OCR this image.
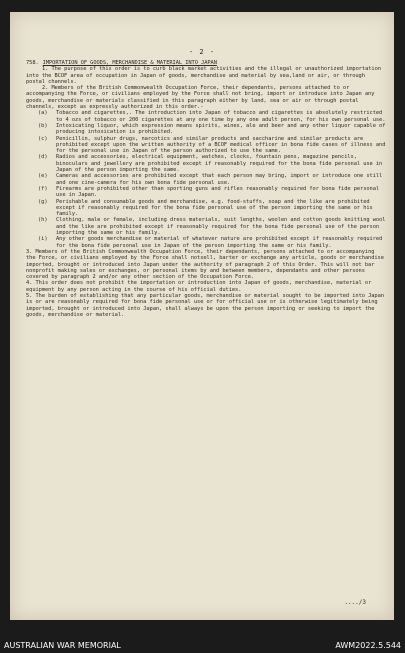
- 2 -

758. IMPORTATION OF GOODS, MERCHANDISE & MATERIAL INTO JAPAN

1. The purpose of this order is to curb black market activities and the illegal or unauthorized importation into the BCOF area of occupation in Japan of goods, merchandise and material by sea,land or air, or through postal channels.

2. Members of the British Commonwealth Occupation Force, their dependants, persons attached to or accompanying the Force, or civilians employed by the Force shall not bring, import or introduce into Japan any goods, merchandise or materials classified in this paragraph either by land, sea or air or through postal channels, except as expressly authorized in this order.-

(a)	Tobacco and cigarettes,. The introduction into Japan of tobacco and cigarettes is absolutely restricted to 4 ozs of tobacco or 200 cigarettes at any one time by any one adult person, for his own personal use.
(b)	Intoxicating liquor, which expression means spirits, wines, ale and beer and any other liquor capable of producing intoxication is prohibited.
(c)	Penicillin, sulphur drugs, narcotics and similar products and saccharine and similar products are prohibited except upon the written authority of a BCOF medical officer in bona fide cases of illness and for the personal use in Japan of the person authorized to use the same.
(d)	Radios and accessories, electrical equipment, watches, clocks, fountain pens, magazine pencils, binoculars and jewellery are prohibited except if reasonably required for the bona fide personal use in Japan of the person importing the same.
(e)	Cameras and accessories are prohibited except that each person may bring, import or introduce one still and one cine-camera for his own bona fide personal use.
(f)	Firearms are prohibited other than sporting guns and rifles reasonably required for bona fide personal use in Japan.
(g)	Perishable and consumable goods and merchandise, e.g. food-stuffs, soap and the like are prohibited except if reasonably required for the bona fide personal use of the person importing the same or his family.
(h)	Clothing, male or female, including dress materials, suit lengths, woolen and cotton goods knitting wool and the like are prohibited except if reasonably required for the bona fide personal use of the person importing the same or his family.
(i)	Any other goods merchandise or material of whatever nature are prohibited except if reasonably required for the bona fide personal use in Japan of the person importing the same or his family.

3. Members of the British Commonwealth Occupation Force, their dependants, persons attached to or accompanying the Force, or civilians employed by the Force shall notsell, barter or exchange any article, goods or merchandise imported, brought or introduced into Japan under the authority of paragraph 2 of this Order. This will not bar nonprofit making sales or exchanges, or personal items by and between members, dependants and other persons covered by paragraph 2 and/or any other section of the Occupation Force.

4. This order does not prohibit the importation or introduction into Japan of goods, merchandise, material or equipment by any person acting in the course of his official duties.

5. The burden of establishing that any particular goods, merchandise or material sought to be imported into Japan is or are reasonably required for bona fide personal use or for official use or is otherwise legitimately being imported, brought or introduced into Japan, shall always be upon the person importing or seeking to import the goods, merchandise or material.

..../3
AUSTRALIAN WAR MEMORIAL	AWM2022.5.544
